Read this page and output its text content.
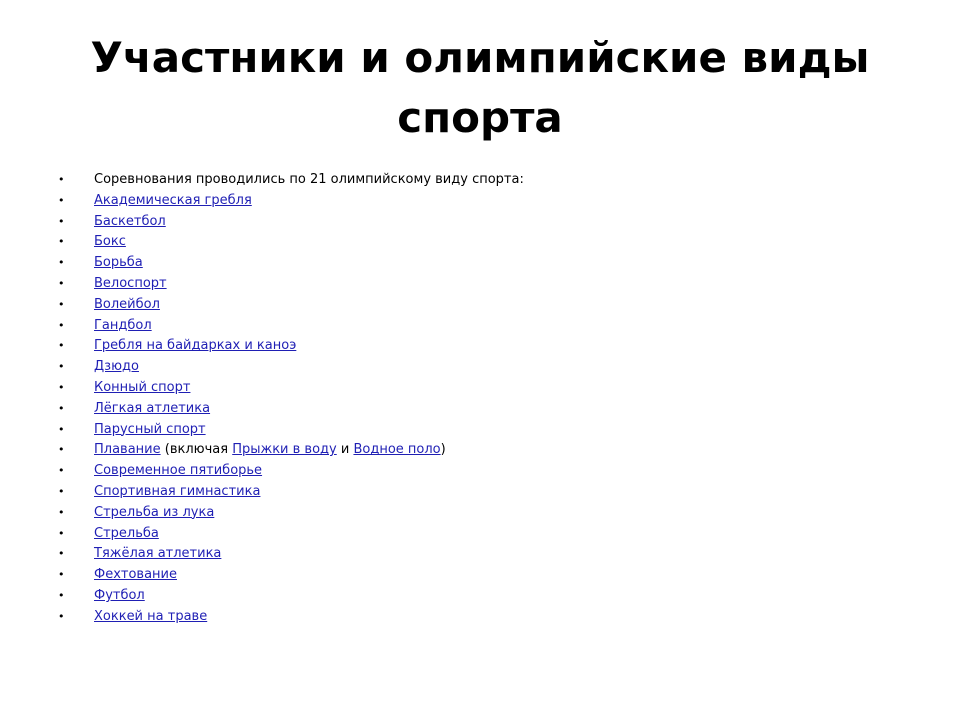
Участники и олимпийские виды спорта
• Соревнования проводились по 21 олимпийскому виду спорта:
• Академическая гребля
• Баскетбол
• Бокс
• Борьба
• Велоспорт
• Волейбол
• Гандбол
• Гребля на байдарках и каноэ
• Дзюдо
• Конный спорт
• Лёгкая атлетика
• Парусный спорт
• Плавание (включая Прыжки в воду и Водное поло)
• Современное пятиборье
• Спортивная гимнастика
• Стрельба из лука
• Стрельба
• Тяжёлая атлетика
• Фехтование
• Футбол
• Хоккей на траве
